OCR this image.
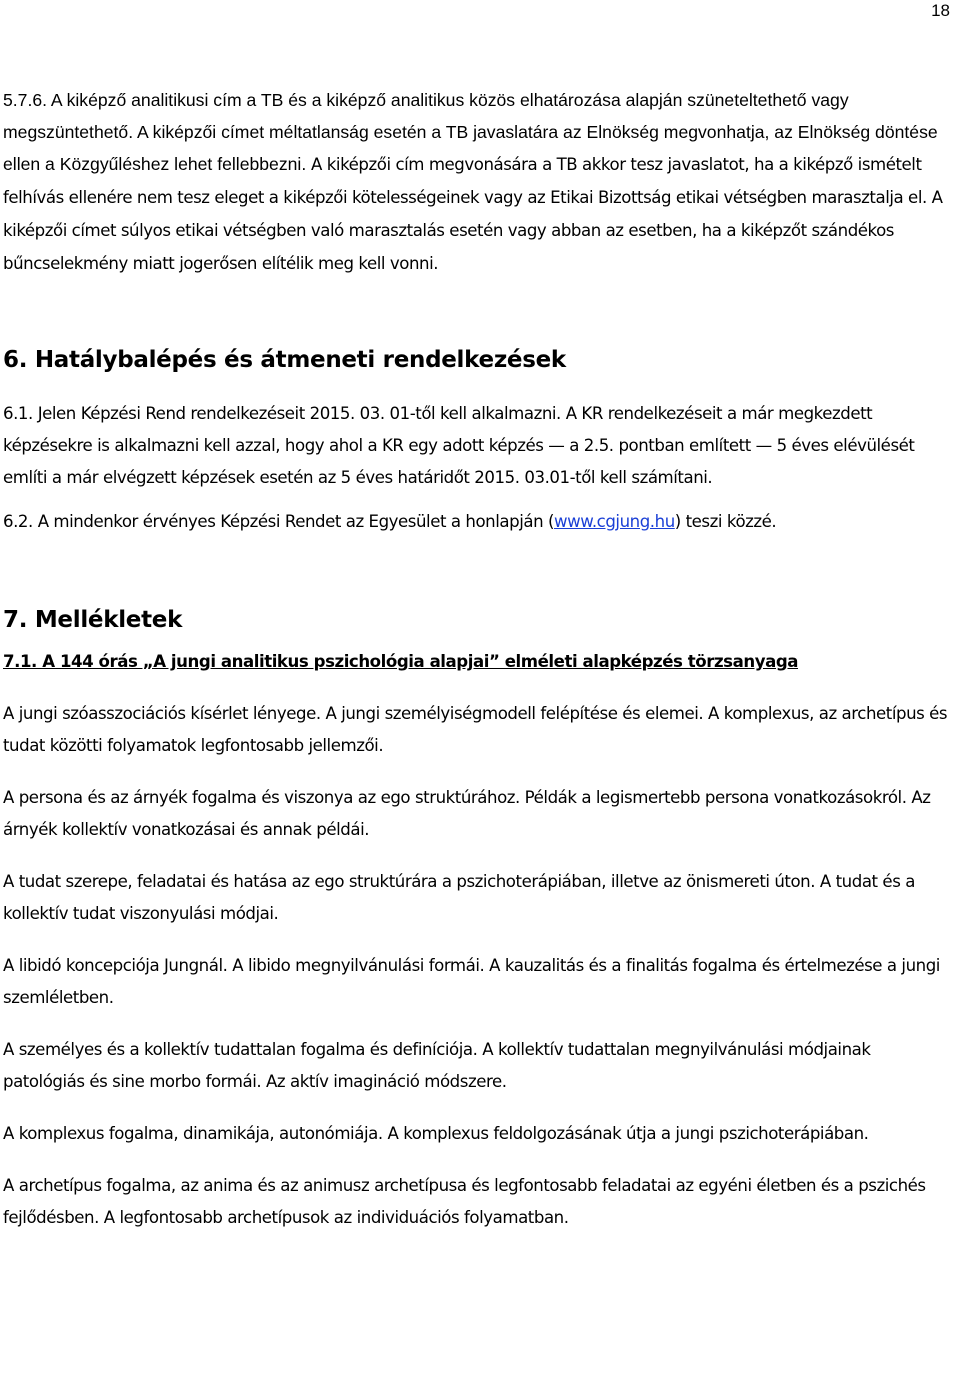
18

5.7.6. A kiképző analitikusi cím a TB és a kiképző analitikus közös elhatározása alapján szüneteltethető vagy megszüntethető. A kiképzői címet méltatlanság esetén a TB javaslatára az Elnökség megvonhatja, az Elnökség döntése ellen a Közgyűléshez lehet fellebbezni. A kiképzői cím megvonására a TB akkor tesz javaslatot, ha a kiképző ismételt felhívás ellenére nem tesz eleget a kiképzői kötelességeinek vagy az Etikai Bizottság etikai vétségben marasztalja el. A kiképzői címet súlyos etikai vétségben való marasztalás esetén vagy abban az esetben, ha a kiképzőt szándékos bűncselekmény miatt jogerősen elítélik meg kell vonni.

6. Hatálybalépés és átmeneti rendelkezések

6.1. Jelen Képzési Rend rendelkezéseit 2015. 03. 01-től kell alkalmazni. A KR rendelkezéseit a már megkezdett képzésekre is alkalmazni kell azzal, hogy ahol a KR egy adott képzés — a 2.5. pontban említett — 5 éves elévülését említi a már elvégzett képzések esetén az 5 éves határidőt 2015. 03.01-től kell számítani.

6.2. A mindenkor érvényes Képzési Rendet az Egyesület a honlapján (www.cgjung.hu) teszi közzé.

7. Mellékletek

7.1. A 144 órás „A jungi analitikus pszichológia alapjai” elméleti alapképzés törzsanyaga

A jungi szóasszociációs kísérlet lényege. A jungi személyiségmodell felépítése és elemei. A komplexus, az archetípus és tudat közötti folyamatok legfontosabb jellemzői.

A persona és az árnyék fogalma és viszonya az ego struktúrához. Példák a legismertebb persona vonatkozásokról. Az árnyék kollektív vonatkozásai és annak példái.

A tudat szerepe, feladatai és hatása az ego struktúrára a pszichoterápiában, illetve az önismereti úton. A tudat és a kollektív tudat viszonyulási módjai.

A libidó koncepciója Jungnál. A libido megnyilvánulási formái. A kauzalitás és a finalitás fogalma és értelmezése a jungi szemléletben.

A személyes és a kollektív tudattalan fogalma és definíciója. A kollektív tudattalan megnyilvánulási módjainak patológiás és sine morbo formái. Az aktív imagináció módszere.

A komplexus fogalma, dinamikája, autonómiája. A komplexus feldolgozásának útja a jungi pszichoterápiában.

A archetípus fogalma, az anima és az animusz archetípusa és legfontosabb feladatai az egyéni életben és a pszichés fejlődésben. A legfontosabb archetípusok az individuációs folyamatban.
